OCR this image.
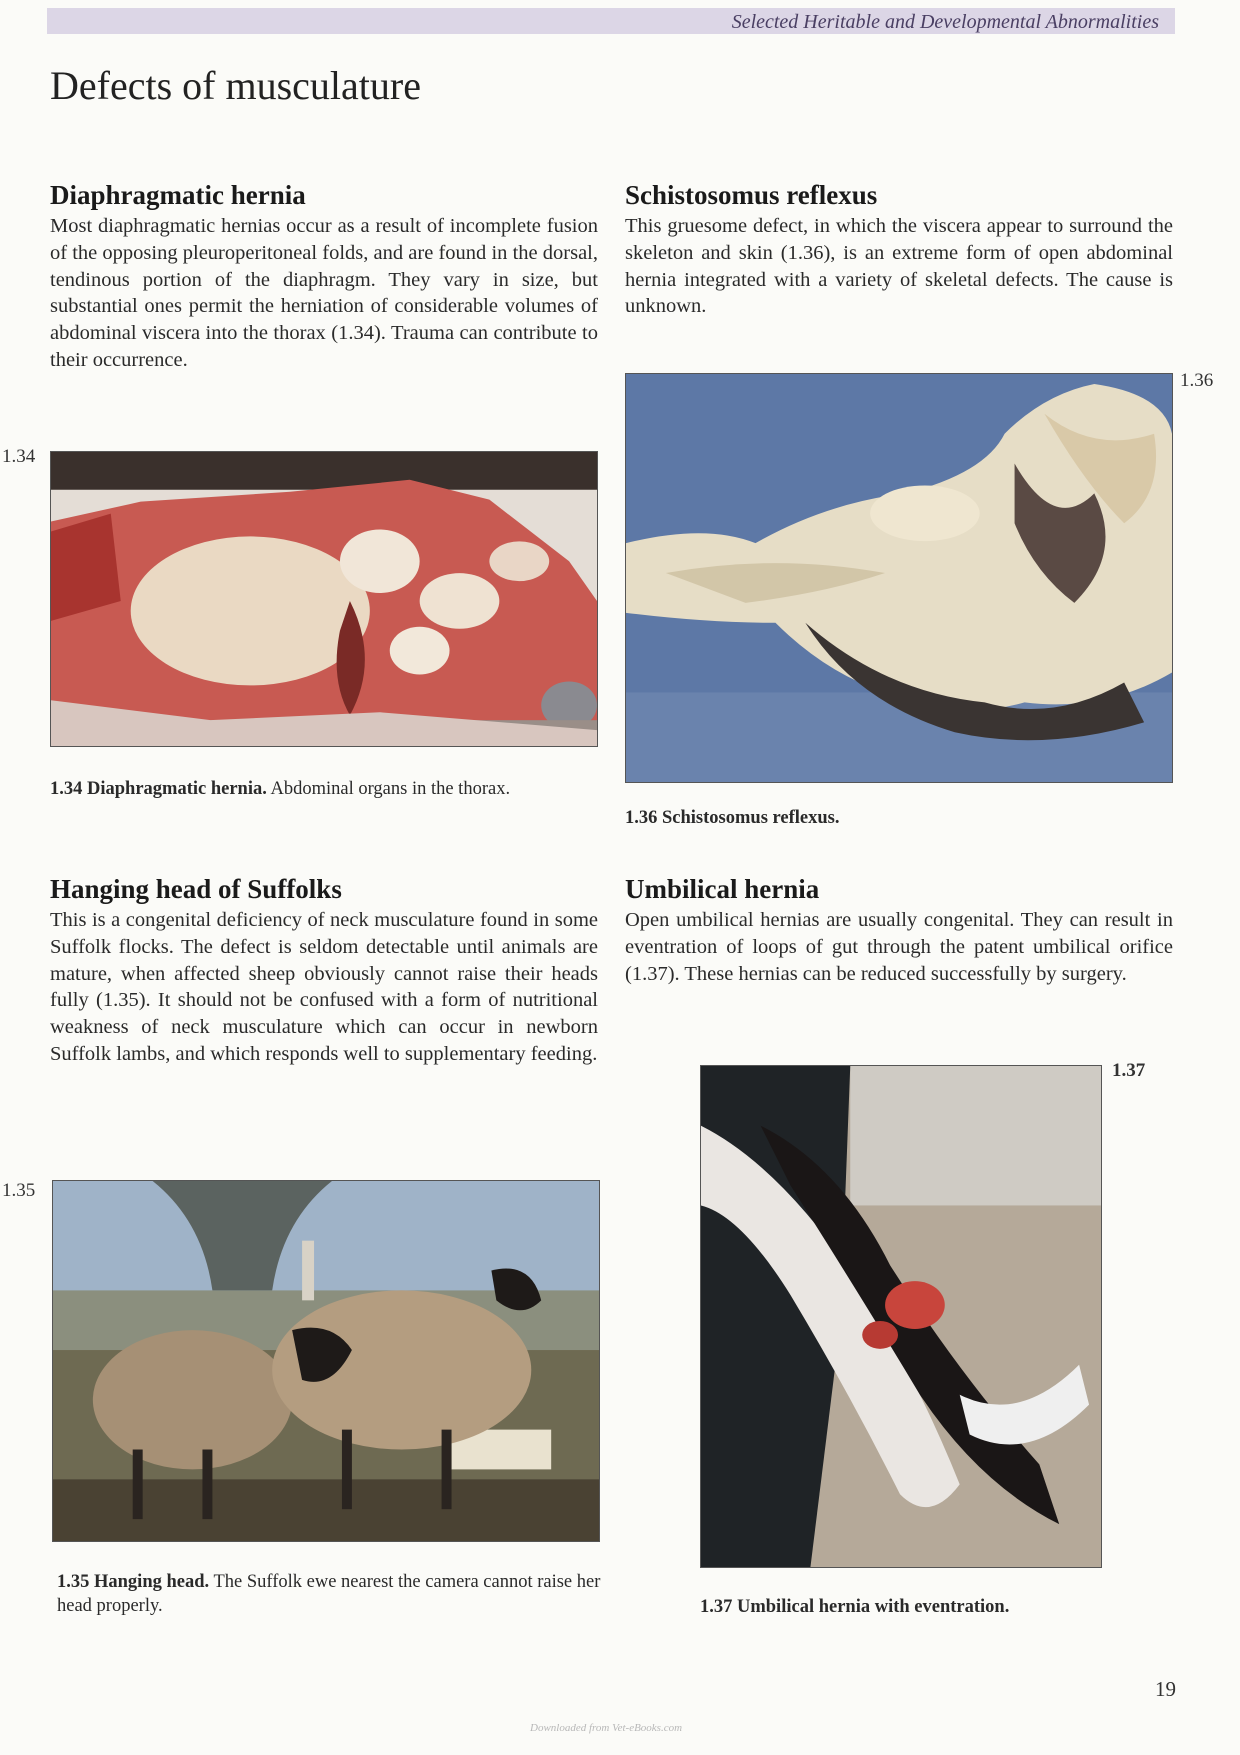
Selected Heritable and Developmental Abnormalities
Defects of musculature
Diaphragmatic hernia

Most diaphragmatic hernias occur as a result of incomplete fusion of the opposing pleuroperitoneal folds, and are found in the dorsal, tendinous portion of the diaphragm. They vary in size, but substantial ones permit the herniation of considerable volumes of abdominal viscera into the thorax (1.34). Trauma can contribute to their occurrence.

Schistosomus reflexus

This gruesome defect, in which the viscera appear to surround the skeleton and skin (1.36), is an extreme form of open abdominal hernia integrated with a variety of skeletal defects. The cause is unknown.

1.34
1.34 Diaphragmatic hernia. Abdominal organs in the thorax.
1.36
1.36 Schistosomus reflexus.
Hanging head of Suffolks

This is a congenital deficiency of neck musculature found in some Suffolk flocks. The defect is seldom detectable until animals are mature, when affected sheep obviously cannot raise their heads fully (1.35). It should not be confused with a form of nutritional weakness of neck musculature which can occur in newborn Suffolk lambs, and which responds well to supplementary feeding.

Umbilical hernia

Open umbilical hernias are usually congenital. They can result in eventration of loops of gut through the patent umbilical orifice (1.37). These hernias can be reduced successfully by surgery.

1.35
1.35 Hanging head. The Suffolk ewe nearest the camera cannot raise her head properly.
1.37
1.37 Umbilical hernia with eventration.
19
Downloaded from Vet-eBooks.com
